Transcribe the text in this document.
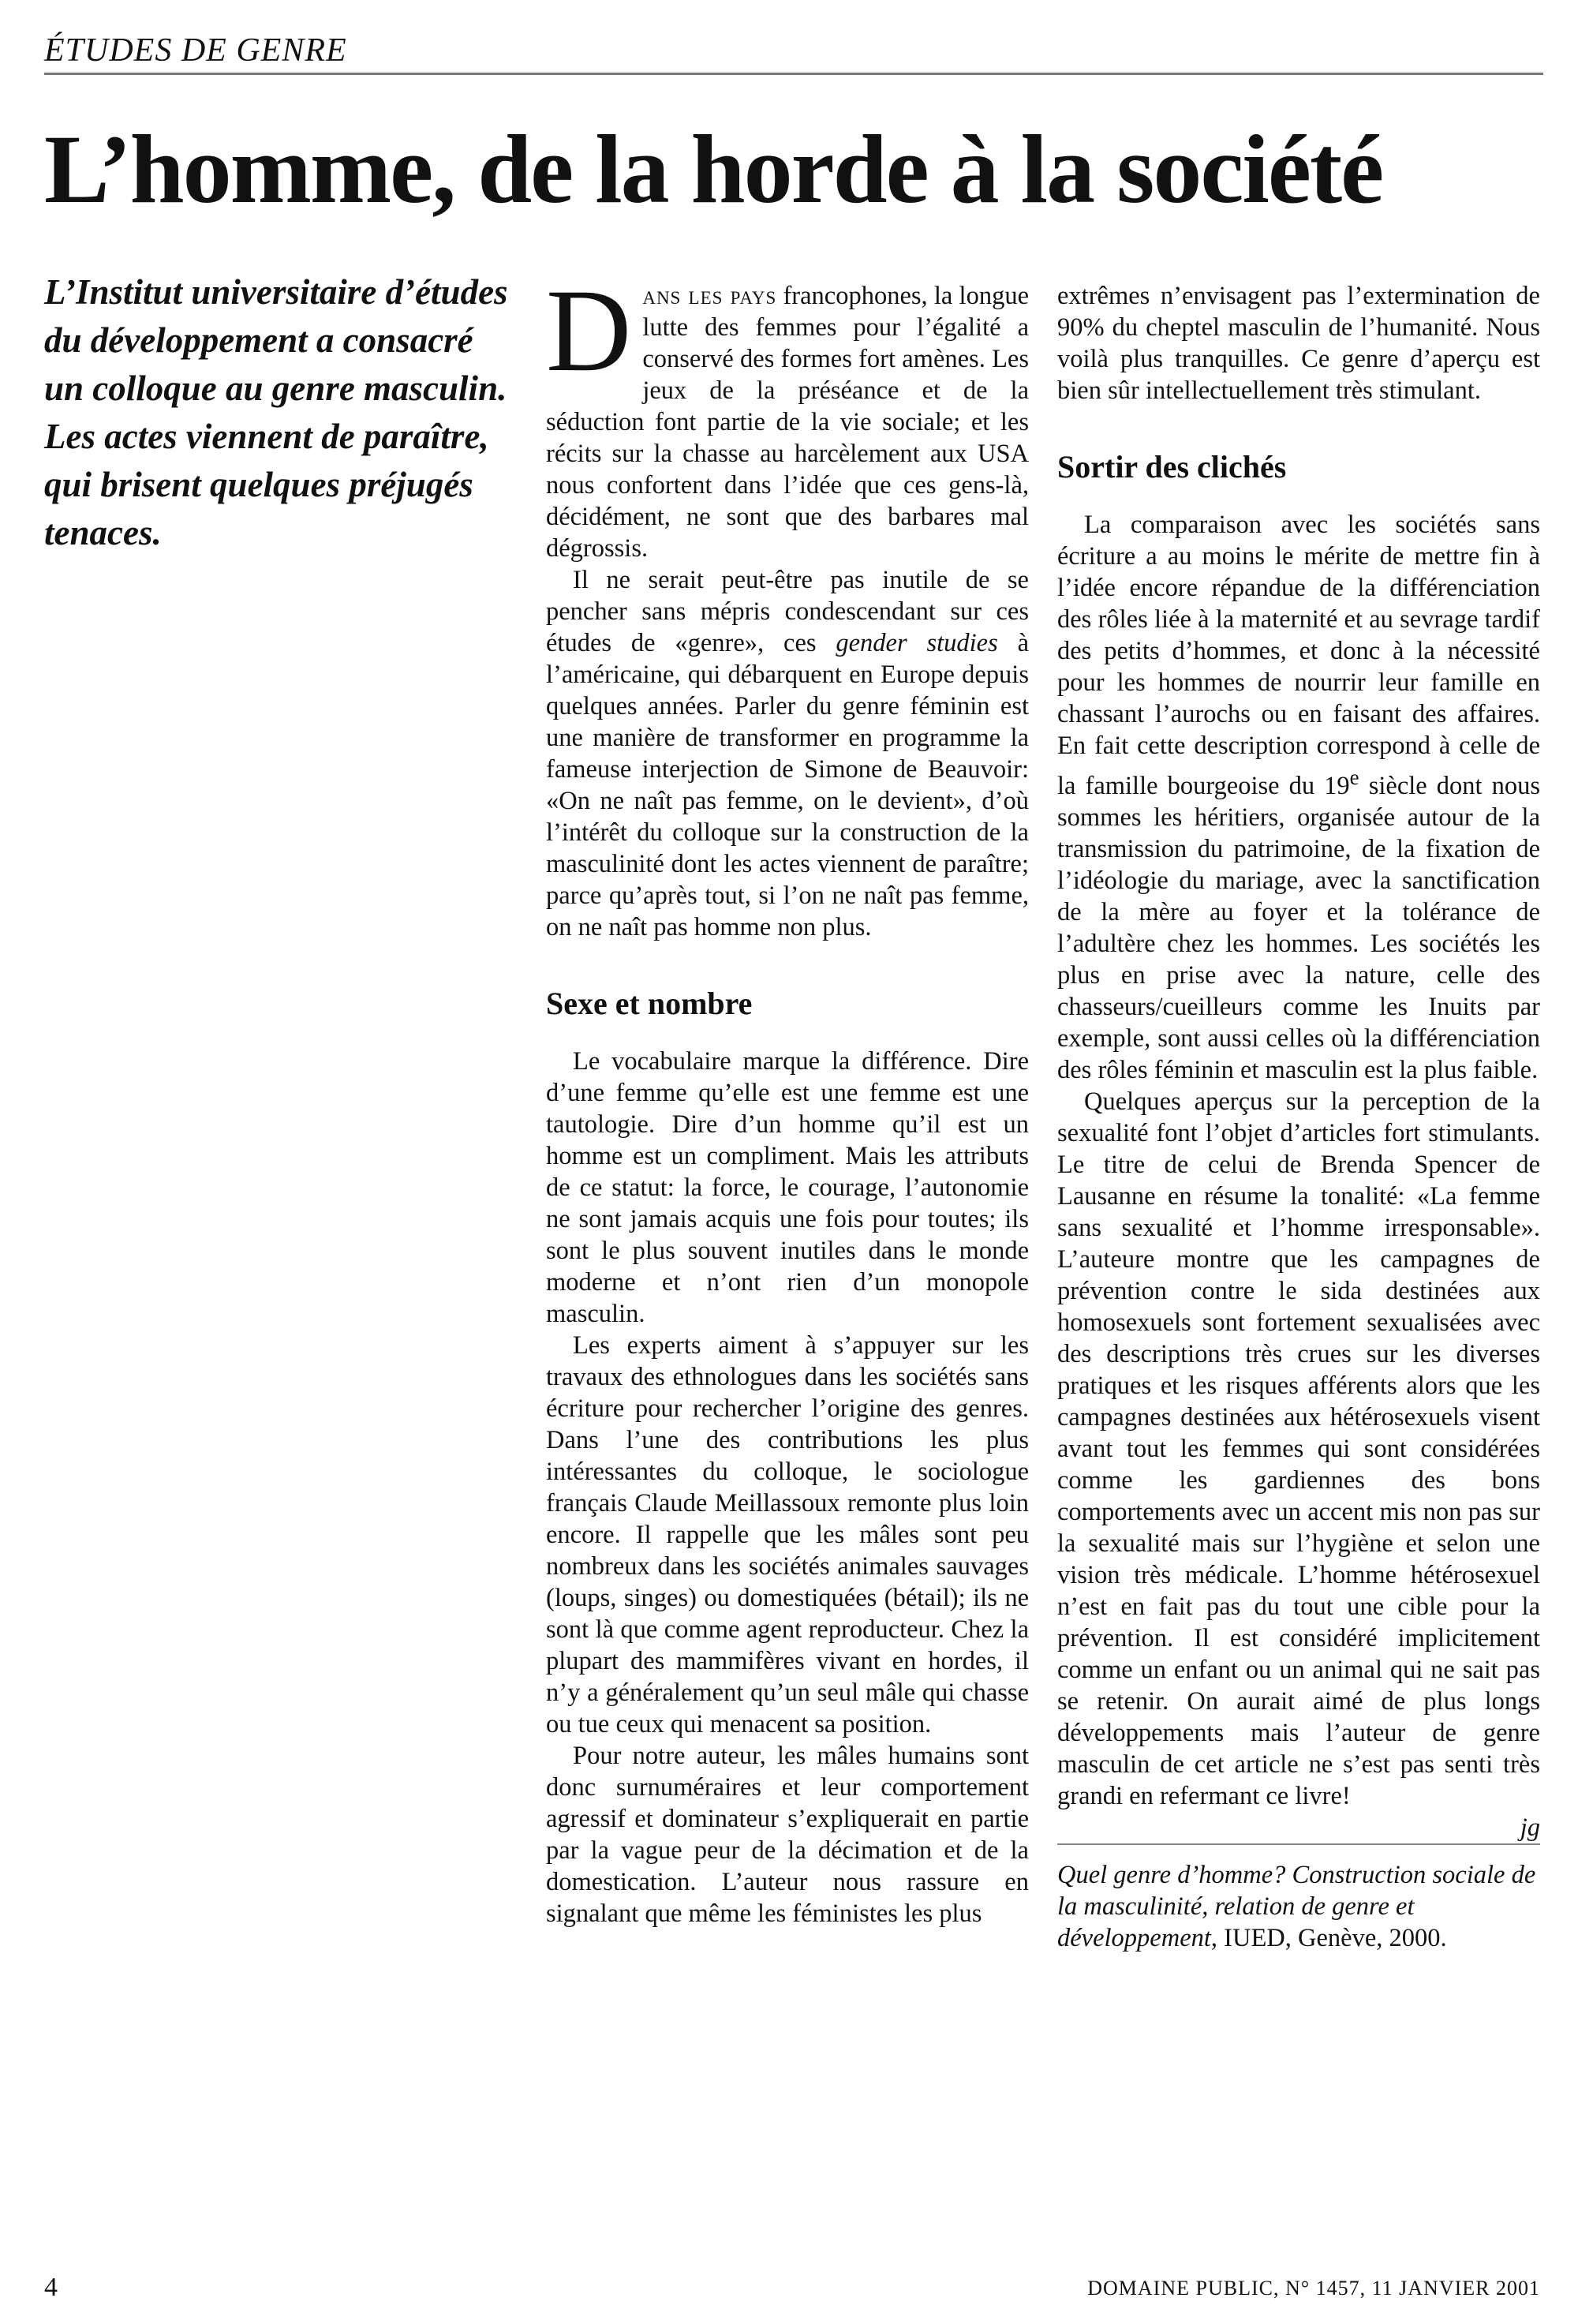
ÉTUDES DE GENRE
L’homme, de la horde à la société

L’Institut universitaire d’études du développement a consacré un colloque au genre masculin.

Les actes viennent de paraître, qui brisent quelques préjugés tenaces.

Dans les pays francophones, la longue lutte des femmes pour l’égalité a conservé des formes fort amènes. Les jeux de la préséance et de la séduction font partie de la vie sociale; et les récits sur la chasse au harcèlement aux USA nous confortent dans l’idée que ces gens-là, décidément, ne sont que des barbares mal dégrossis.

Il ne serait peut-être pas inutile de se pencher sans mépris condescendant sur ces études de «genre», ces gender studies à l’américaine, qui débarquent en Europe depuis quelques années. Parler du genre féminin est une manière de transformer en programme la fameuse interjection de Simone de Beauvoir: «On ne naît pas femme, on le devient», d’où l’intérêt du colloque sur la construction de la masculinité dont les actes viennent de paraître; parce qu’après tout, si l’on ne naît pas femme, on ne naît pas homme non plus.

Sexe et nombre

Le vocabulaire marque la différence. Dire d’une femme qu’elle est une femme est une tautologie. Dire d’un homme qu’il est un homme est un compliment. Mais les attributs de ce statut: la force, le courage, l’autonomie ne sont jamais acquis une fois pour toutes; ils sont le plus souvent inutiles dans le monde moderne et n’ont rien d’un monopole masculin.

Les experts aiment à s’appuyer sur les travaux des ethnologues dans les sociétés sans écriture pour rechercher l’origine des genres. Dans l’une des contributions les plus intéressantes du colloque, le sociologue français Claude Meillassoux remonte plus loin encore. Il rappelle que les mâles sont peu nombreux dans les sociétés animales sauvages (loups, singes) ou domestiquées (bétail); ils ne sont là que comme agent reproducteur. Chez la plupart des mammifères vivant en hordes, il n’y a généralement qu’un seul mâle qui chasse ou tue ceux qui menacent sa position.

Pour notre auteur, les mâles humains sont donc surnuméraires et leur comportement agressif et dominateur s’expliquerait en partie par la vague peur de la décimation et de la domestication. L’auteur nous rassure en signalant que même les féministes les plus

extrêmes n’envisagent pas l’extermination de 90% du cheptel masculin de l’humanité. Nous voilà plus tranquilles. Ce genre d’aperçu est bien sûr intellectuellement très stimulant.

Sortir des clichés

La comparaison avec les sociétés sans écriture a au moins le mérite de mettre fin à l’idée encore répandue de la différenciation des rôles liée à la maternité et au sevrage tardif des petits d’hommes, et donc à la nécessité pour les hommes de nourrir leur famille en chassant l’aurochs ou en faisant des affaires. En fait cette description correspond à celle de la famille bourgeoise du 19e siècle dont nous sommes les héritiers, organisée autour de la transmission du patrimoine, de la fixation de l’idéologie du mariage, avec la sanctification de la mère au foyer et la tolérance de l’adultère chez les hommes. Les sociétés les plus en prise avec la nature, celle des chasseurs/cueilleurs comme les Inuits par exemple, sont aussi celles où la différenciation des rôles féminin et masculin est la plus faible.

Quelques aperçus sur la perception de la sexualité font l’objet d’articles fort stimulants. Le titre de celui de Brenda Spencer de Lausanne en résume la tonalité: «La femme sans sexualité et l’homme irresponsable». L’auteure montre que les campagnes de prévention contre le sida destinées aux homosexuels sont fortement sexualisées avec des descriptions très crues sur les diverses pratiques et les risques afférents alors que les campagnes destinées aux hétérosexuels visent avant tout les femmes qui sont considérées comme les gardiennes des bons comportements avec un accent mis non pas sur la sexualité mais sur l’hygiène et selon une vision très médicale. L’homme hétérosexuel n’est en fait pas du tout une cible pour la prévention. Il est considéré implicitement comme un enfant ou un animal qui ne sait pas se retenir. On aurait aimé de plus longs développements mais l’auteur de genre masculin de cet article ne s’est pas senti très grandi en refermant ce livre!

jg

Quel genre d’homme? Construction sociale de la masculinité, relation de genre et développement, IUED, Genève, 2000.

4	DOMAINE PUBLIC, N° 1457, 11 JANVIER 2001
